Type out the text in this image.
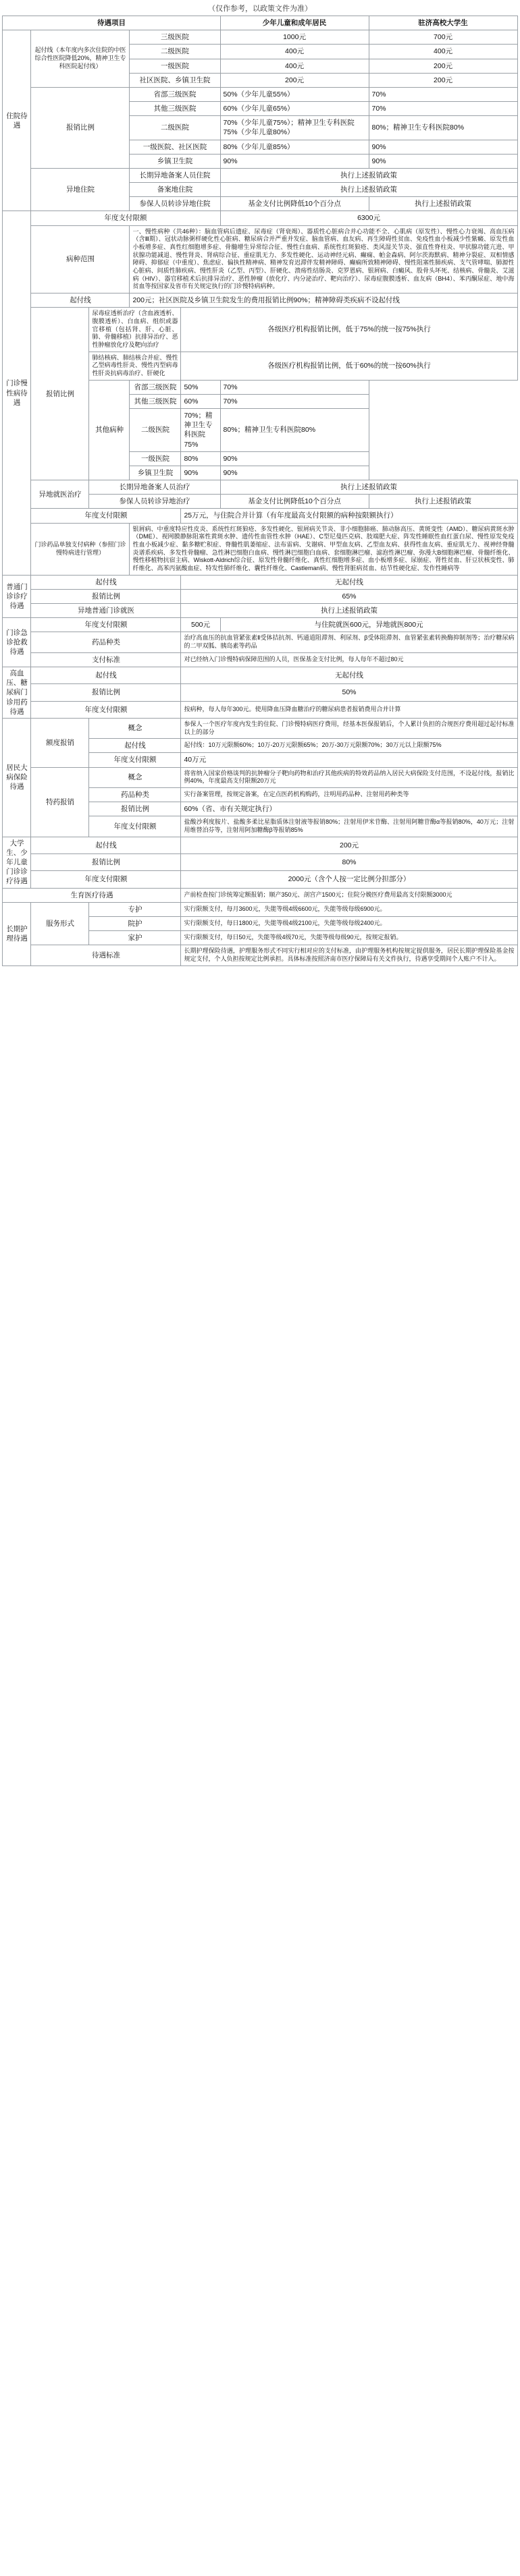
（仅作参考，以政策文件为准）
待遇项目					少年儿童和成年居民	驻济高校大学生
住院待遇	起付线（本年度内多次住院的中医综合性医院降低20%，精神卫生专科医院起付线）		三级医院		1000元	700元
			二级医院		400元	400元
			一级医院		400元	200元
			社区医院、乡镇卫生院		200元	200元
	报销比例		省部三级医院		50%（少年儿童55%）	70%
			其他三级医院		60%（少年儿童65%）	70%
			二级医院		70%（少年儿童75%）；精神卫生专科医院75%（少年儿童80%）	80%；精神卫生专科医院80%
			一级医院、社区医院		80%（少年儿童85%）	90%
			乡镇卫生院		90%	90%
	异地住院		长期异地备案人员住院		执行上述报销政策	
			备案地住院		执行上述报销政策	
			参保人员转诊异地住院		基金支付比例降低10个百分点	执行上述报销政策
门诊慢性病待遇	年度支付限额				6300元	
	病种范围		一、慢性病种（共46种）：脑血管病后遗症、尿毒症（肾衰竭）、器质性心脏病合并心功能不全、心肌病（原发性）、慢性心力衰竭、高血压病（含Ⅲ期）、冠状动脉粥样硬化性心脏病、糖尿病合并严重并发症、脑血管病、血友病、再生障碍性贫血、免疫性血小板减少性紫癜、原发性血小板增多症、真性红细胞增多症、骨髓增生异常综合征、慢性白血病、系统性红斑狼疮、类风湿关节炎、强直性脊柱炎、甲状腺功能亢进、甲状腺功能减退、慢性肾炎、肾病综合征、重症肌无力、多发性硬化、运动神经元病、癫痫、帕金森病、阿尔茨海默病、精神分裂症、双相情感障碍、抑郁症（中重度）、焦虑症、偏执性精神病、精神发育迟滞伴发精神障碍、癫痫所致精神障碍、慢性阻塞性肺疾病、支气管哮喘、肺源性心脏病、间质性肺疾病、慢性肝炎（乙型、丙型）、肝硬化、溃疡性结肠炎、克罗恩病、银屑病、白癜风、股骨头坏死、结核病、骨髓炎、艾滋病（HIV）、器官移植术后抗排异治疗、恶性肿瘤（放化疗、内分泌治疗、靶向治疗）、尿毒症腹膜透析、血友病（BH4）、苯丙酮尿症、地中海贫血等按国家及省市有关规定执行的门诊慢特病病种。			
	起付线		200元；社区医院及乡镇卫生院发生的费用报销比例90%；精神障碍类疾病不设起付线			
	报销比例	尿毒症透析治疗（含血液透析、腹膜透析）、白血病、组织或器官移植（包括肾、肝、心脏、肺、骨髓移植）抗排异治疗、恶性肿瘤放化疗及靶向治疗		各级医疗机构报销比例，低于75%的统一按75%执行		
		肺结核病、肺结核合并症、慢性乙型病毒性肝炎、慢性丙型病毒性肝炎抗病毒治疗、肝硬化		各级医疗机构报销比例，低于60%的统一按60%执行		
		其他病种	省部三级医院	50%	70%	
			其他三级医院	60%	70%	
			二级医院	70%；精神卫生专科医院75%	80%；精神卫生专科医院80%	
			一级医院	80%	90%	
			乡镇卫生院	90%	90%	
	异地就医治疗	长期异地备案人员治疗			执行上述报销政策	
		参保人员转诊异地治疗			基金支付比例降低10个百分点	执行上述报销政策
	年度支付限额			25万元，与住院合并计算（有年度最高支付限额的病种按限额执行）		
	门诊药品单独支付病种（参照门诊慢特病进行管理）		银屑病、中重度特应性皮炎、系统性红斑狼疮、多发性硬化、银屑病关节炎、非小细胞肺癌、肺动脉高压、黄斑变性（AMD）、糖尿病黄斑水肿（DME）、视网膜静脉阻塞性黄斑水肿、遗传性血管性水肿（HAE）、C型尼曼匹克病、肢端肥大症、阵发性睡眠性血红蛋白尿、慢性原发免疫性血小板减少症、黏多糖贮积症、脊髓性肌萎缩症、法布雷病、戈谢病、甲型血友病、乙型血友病、获得性血友病、重症肌无力、视神经脊髓炎谱系疾病、多发性骨髓瘤、急性淋巴细胞白血病、慢性淋巴细胞白血病、套细胞淋巴瘤、滤泡性淋巴瘤、弥漫大B细胞淋巴瘤、骨髓纤维化、慢性移植物抗宿主病、Wiskott-Aldrich综合征、原发性骨髓纤维化、真性红细胞增多症、血小板增多症、尿崩症、肾性贫血、肝豆状核变性、肺纤维化、高苯丙氨酸血症、特发性肺纤维化、囊性纤维化、Castleman病、慢性肾脏病贫血、结节性硬化症、发作性睡病等			
普通门诊诊疗待遇	起付线			无起付线		
	报销比例			65%		
	异地普通门诊就医			执行上述报销政策		
门诊急诊抢救待遇	年度支付限额			500元	与住院就医600元，异地就医800元	
	药品种类			治疗高血压的抗血管紧张素Ⅱ受体拮抗剂、钙通道阻滞剂、利尿剂、β受体阻滞剂、血管紧张素转换酶抑制剂等；治疗糖尿病的二甲双胍、胰岛素等药品		
	支付标准			对已经纳入门诊慢特病保障范围的人员，医保基金支付比例，每人每年不超过80元		
高血压、糖尿病门诊用药待遇	起付线			无起付线		
	报销比例			50%		
	年度支付限额			按病种，每人每年300元。使用降血压降血糖治疗的糖尿病患者报销费用合并计算		
居民大病保险待遇	额度报销	概念		参保人一个医疗年度内发生的住院、门诊慢特病医疗费用，经基本医保报销后，个人累计负担的合规医疗费用超过起付标准以上的部分		
		起付线		起付线：10万元限额60%；10万-20万元限额65%；20万-30万元限额70%；30万元以上限额75%		
		年度支付限额		40万元		
	特药报销	概念		将省纳入国家价格谈判的抗肿瘤分子靶向药物和治疗其他疾病的特效药品纳入居民大病保险支付范围，不设起付线，报销比例40%，年度最高支付限额20万元		
		药品种类		实行备案管理，按规定备案，在定点医药机构购药，注明用药品种、注射用药种类等		
		报销比例		60%（省、市有关规定执行）		
		年度支付限额		盐酸沙利度胺片、盐酸多柔比星脂质体注射液等报销80%；注射用伊米苷酶、注射用阿糖苷酶α等报销80%，40万元；注射用维替泊芬等，注射用阿加糖酶β等报销85%		
大学生、少年儿童门诊诊疗待遇	起付线			200元		
	报销比例			80%		
	年度支付限额			2000元（含个人按一定比例分担部分）		
生育医疗待遇				产前检查按门诊统筹定额报销；顺产350元、剖宫产1500元；住院分娩医疗费用最高支付限额3000元		
长期护理待遇	服务形式	专护		实行限额支付，每月3600元，失能等级4级6600元，失能等级每级6900元。		
		院护		实行限额支付，每日1800元，失能等级4级2100元，失能等级每级2400元。		
		家护		实行限额支付，每日50元，失能等级4级70元，失能等级每级90元，按规定报销。		
	待遇标准			长期护理保险待遇，护理服务形式不同实行相对应的支付标准，由护理服务机构按规定提供服务，居民长期护理保险基金按规定支付，个人负担按规定比例承担。具体标准按照济南市医疗保障局有关文件执行，待遇享受期间个人账户不计入。		
